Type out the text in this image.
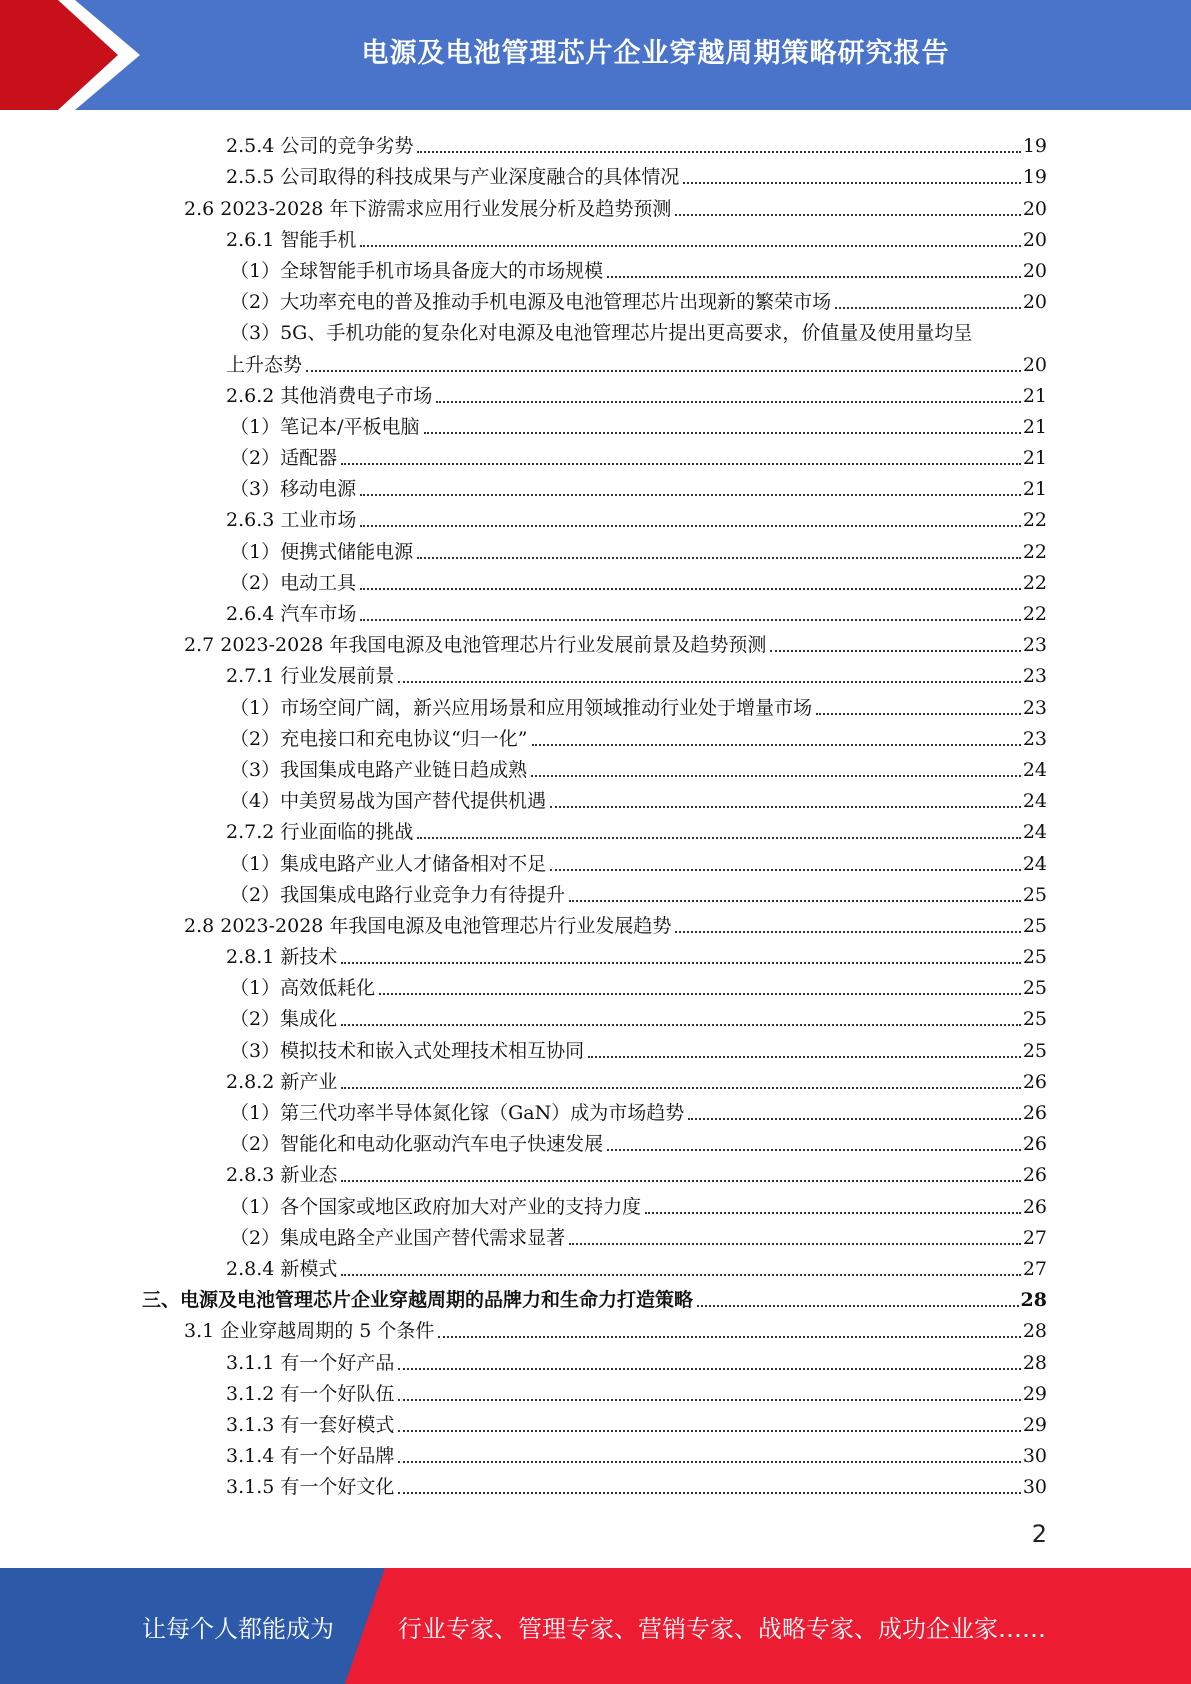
电源及电池管理芯片企业穿越周期策略研究报告
2.5.4 公司的竞争劣势	19
2.5.5 公司取得的科技成果与产业深度融合的具体情况	19
2.6 2023-2028 年下游需求应用行业发展分析及趋势预测	20
2.6.1 智能手机	20
（1）全球智能手机市场具备庞大的市场规模	20
（2）大功率充电的普及推动手机电源及电池管理芯片出现新的繁荣市场	20
（3）5G、手机功能的复杂化对电源及电池管理芯片提出更高要求，价值量及使用量均呈
上升态势	20
2.6.2 其他消费电子市场	21
（1）笔记本/平板电脑	21
（2）适配器	21
（3）移动电源	21
2.6.3 工业市场	22
（1）便携式储能电源	22
（2）电动工具	22
2.6.4 汽车市场	22
2.7 2023-2028 年我国电源及电池管理芯片行业发展前景及趋势预测	23
2.7.1 行业发展前景	23
（1）市场空间广阔，新兴应用场景和应用领域推动行业处于增量市场	23
（2）充电接口和充电协议“归一化”	23
（3）我国集成电路产业链日趋成熟	24
（4）中美贸易战为国产替代提供机遇	24
2.7.2 行业面临的挑战	24
（1）集成电路产业人才储备相对不足	24
（2）我国集成电路行业竞争力有待提升	25
2.8 2023-2028 年我国电源及电池管理芯片行业发展趋势	25
2.8.1 新技术	25
（1）高效低耗化	25
（2）集成化	25
（3）模拟技术和嵌入式处理技术相互协同	25
2.8.2 新产业	26
（1）第三代功率半导体氮化镓（GaN）成为市场趋势	26
（2）智能化和电动化驱动汽车电子快速发展	26
2.8.3 新业态	26
（1）各个国家或地区政府加大对产业的支持力度	26
（2）集成电路全产业国产替代需求显著	27
2.8.4 新模式	27
三、电源及电池管理芯片企业穿越周期的品牌力和生命力打造策略	28
3.1 企业穿越周期的 5 个条件	28
3.1.1 有一个好产品	28
3.1.2 有一个好队伍	29
3.1.3 有一套好模式	29
3.1.4 有一个好品牌	30
3.1.5 有一个好文化	30
2
让每个人都能成为	行业专家、管理专家、营销专家、战略专家、成功企业家……
